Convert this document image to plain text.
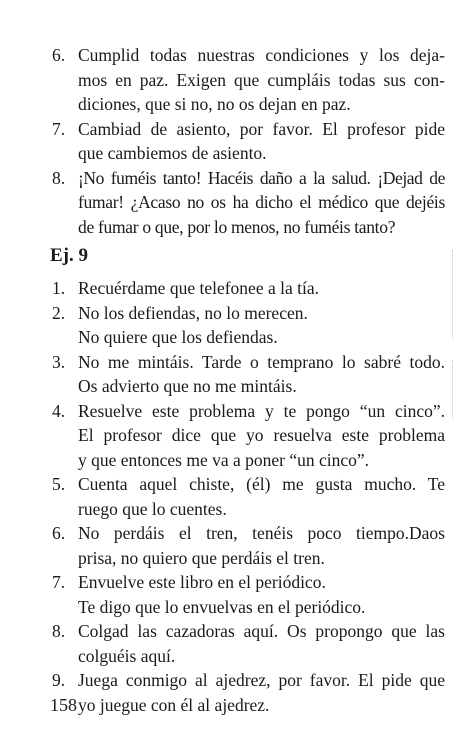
6. Cumplid todas nuestras condiciones y los deja-
mos en paz. Exigen que cumpláis todas sus con-
diciones, que si no, no os dejan en paz.
7. Cambiad de asiento, por favor. El profesor pide
que cambiemos de asiento.
8. ¡No fuméis tanto! Hacéis daño a la salud. ¡Dejad de
fumar! ¿Acaso no os ha dicho el médico que dejéis
de fumar o que, por lo menos, no fuméis tanto?
Ej. 9
1. Recuérdame que telefonee a la tía.
2. No los defiendas, no lo merecen.
No quiere que los defiendas.
3. No me mintáis. Tarde o temprano lo sabré todo.
Os advierto que no me mintáis.
4. Resuelve este problema y te pongo “un cinco”.
El profesor dice que yo resuelva este problema
y que entonces me va a poner “un cinco”.
5. Cuenta aquel chiste, (él) me gusta mucho. Te
ruego que lo cuentes.
6. No perdáis el tren, tenéis poco tiempo.Daos
prisa, no quiero que perdáis el tren.
7. Envuelve este libro en el periódico.
Te digo que lo envuelvas en el periódico.
8. Colgad las cazadoras aquí. Os propongo que las
colguéis aquí.
9. Juega conmigo al ajedrez, por favor. El pide que
yo juegue con él al ajedrez.
158
